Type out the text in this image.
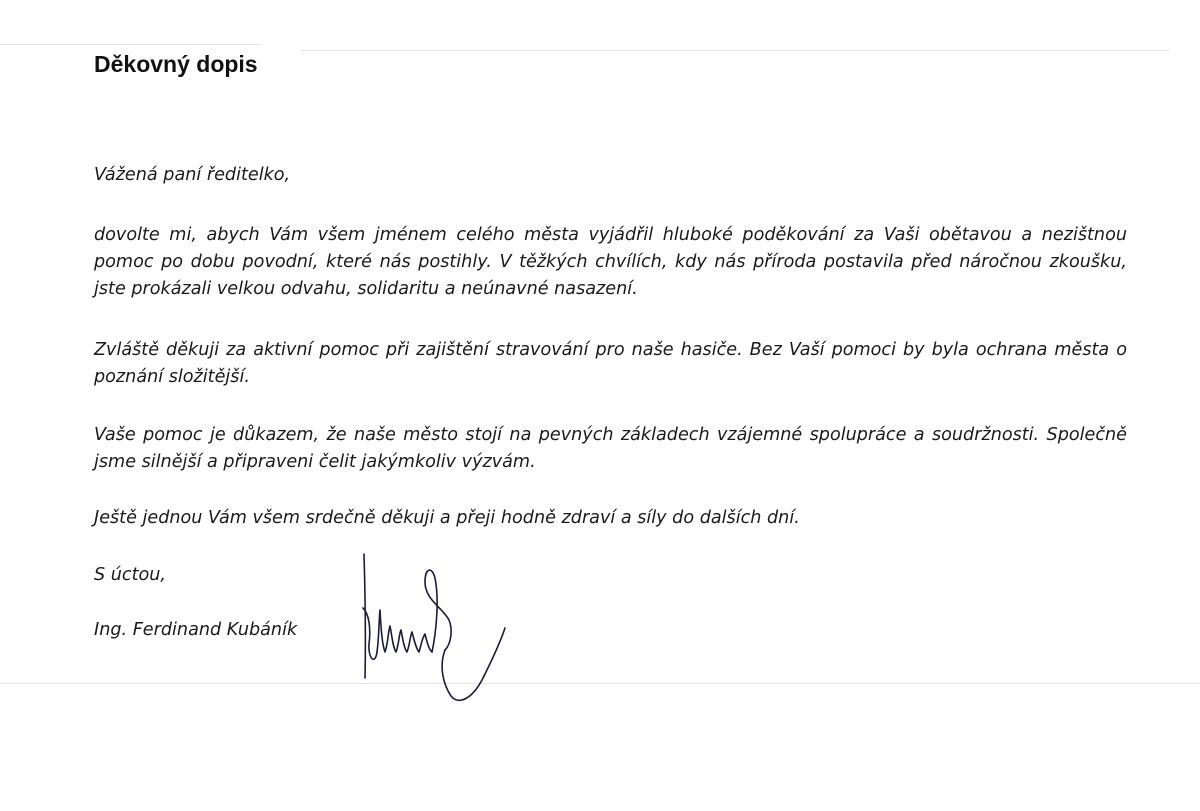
Děkovný dopis

Vážená paní ředitelko,

dovolte mi, abych Vám všem jménem celého města vyjádřil hluboké poděkování za Vaši obětavou a nezištnou pomoc po dobu povodní, které nás postihly. V těžkých chvílích, kdy nás příroda postavila před náročnou zkoušku, jste prokázali velkou odvahu, solidaritu a neúnavné nasazení.

Zvláště děkuji za aktivní pomoc při zajištění stravování pro naše hasiče. Bez Vaší pomoci by byla ochrana města o poznání složitější.

Vaše pomoc je důkazem, že naše město stojí na pevných základech vzájemné spolupráce a soudržnosti. Společně jsme silnější a připraveni čelit jakýmkoliv výzvám.

Ještě jednou Vám všem srdečně děkuji a přeji hodně zdraví a síly do dalších dní.

S úctou,

Ing. Ferdinand Kubáník
